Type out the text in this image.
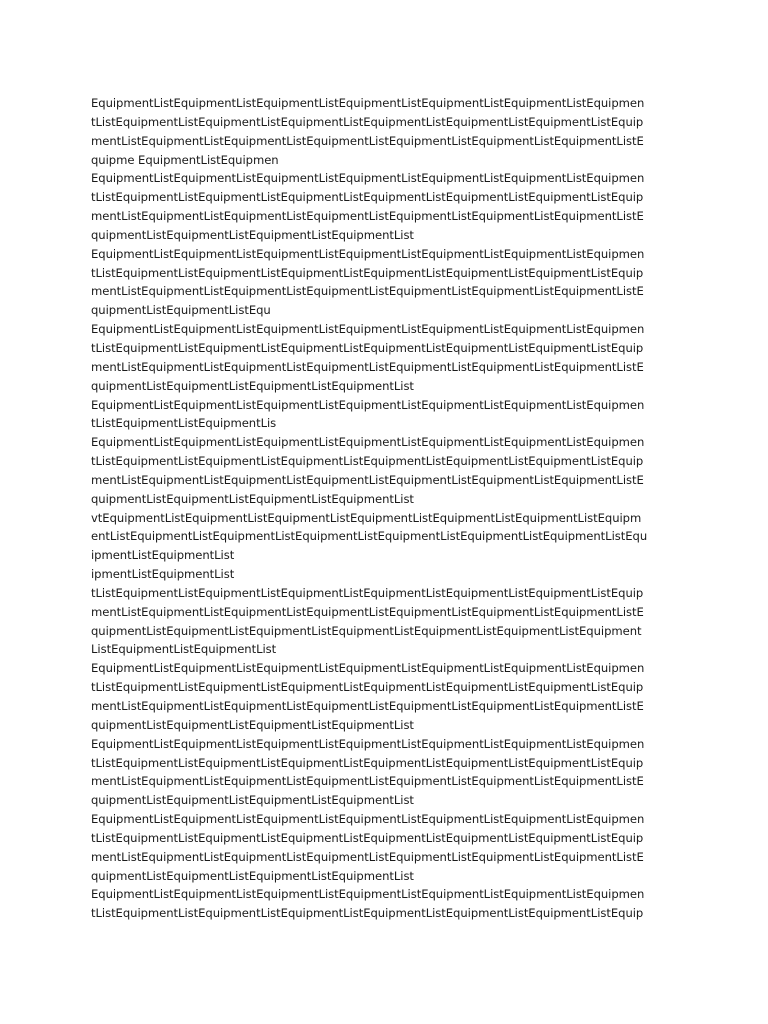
EquipmentListEquipmentListEquipmentListEquipmentListEquipmentListEquipmentListEquipmen
tListEquipmentListEquipmentListEquipmentListEquipmentListEquipmentListEquipmentListEquip
mentListEquipmentListEquipmentListEquipmentListEquipmentListEquipmentListEquipmentListE
quipme EquipmentListEquipmen
EquipmentListEquipmentListEquipmentListEquipmentListEquipmentListEquipmentListEquipmen
tListEquipmentListEquipmentListEquipmentListEquipmentListEquipmentListEquipmentListEquip
mentListEquipmentListEquipmentListEquipmentListEquipmentListEquipmentListEquipmentListE
quipmentListEquipmentListEquipmentListEquipmentList
EquipmentListEquipmentListEquipmentListEquipmentListEquipmentListEquipmentListEquipmen
tListEquipmentListEquipmentListEquipmentListEquipmentListEquipmentListEquipmentListEquip
mentListEquipmentListEquipmentListEquipmentListEquipmentListEquipmentListEquipmentListE
quipmentListEquipmentListEqu
EquipmentListEquipmentListEquipmentListEquipmentListEquipmentListEquipmentListEquipmen
tListEquipmentListEquipmentListEquipmentListEquipmentListEquipmentListEquipmentListEquip
mentListEquipmentListEquipmentListEquipmentListEquipmentListEquipmentListEquipmentListE
quipmentListEquipmentListEquipmentListEquipmentList
EquipmentListEquipmentListEquipmentListEquipmentListEquipmentListEquipmentListEquipmen
tListEquipmentListEquipmentLis
EquipmentListEquipmentListEquipmentListEquipmentListEquipmentListEquipmentListEquipmen
tListEquipmentListEquipmentListEquipmentListEquipmentListEquipmentListEquipmentListEquip
mentListEquipmentListEquipmentListEquipmentListEquipmentListEquipmentListEquipmentListE
quipmentListEquipmentListEquipmentListEquipmentList
vtEquipmentListEquipmentListEquipmentListEquipmentListEquipmentListEquipmentListEquipm
entListEquipmentListEquipmentListEquipmentListEquipmentListEquipmentListEquipmentListEqu
ipmentListEquipmentList
ipmentListEquipmentList
tListEquipmentListEquipmentListEquipmentListEquipmentListEquipmentListEquipmentListEquip
mentListEquipmentListEquipmentListEquipmentListEquipmentListEquipmentListEquipmentListE
quipmentListEquipmentListEquipmentListEquipmentListEquipmentListEquipmentListEquipment
ListEquipmentListEquipmentList
EquipmentListEquipmentListEquipmentListEquipmentListEquipmentListEquipmentListEquipmen
tListEquipmentListEquipmentListEquipmentListEquipmentListEquipmentListEquipmentListEquip
mentListEquipmentListEquipmentListEquipmentListEquipmentListEquipmentListEquipmentListE
quipmentListEquipmentListEquipmentListEquipmentList
EquipmentListEquipmentListEquipmentListEquipmentListEquipmentListEquipmentListEquipmen
tListEquipmentListEquipmentListEquipmentListEquipmentListEquipmentListEquipmentListEquip
mentListEquipmentListEquipmentListEquipmentListEquipmentListEquipmentListEquipmentListE
quipmentListEquipmentListEquipmentListEquipmentList
EquipmentListEquipmentListEquipmentListEquipmentListEquipmentListEquipmentListEquipmen
tListEquipmentListEquipmentListEquipmentListEquipmentListEquipmentListEquipmentListEquip
mentListEquipmentListEquipmentListEquipmentListEquipmentListEquipmentListEquipmentListE
quipmentListEquipmentListEquipmentListEquipmentList
EquipmentListEquipmentListEquipmentListEquipmentListEquipmentListEquipmentListEquipmen
tListEquipmentListEquipmentListEquipmentListEquipmentListEquipmentListEquipmentListEquip
